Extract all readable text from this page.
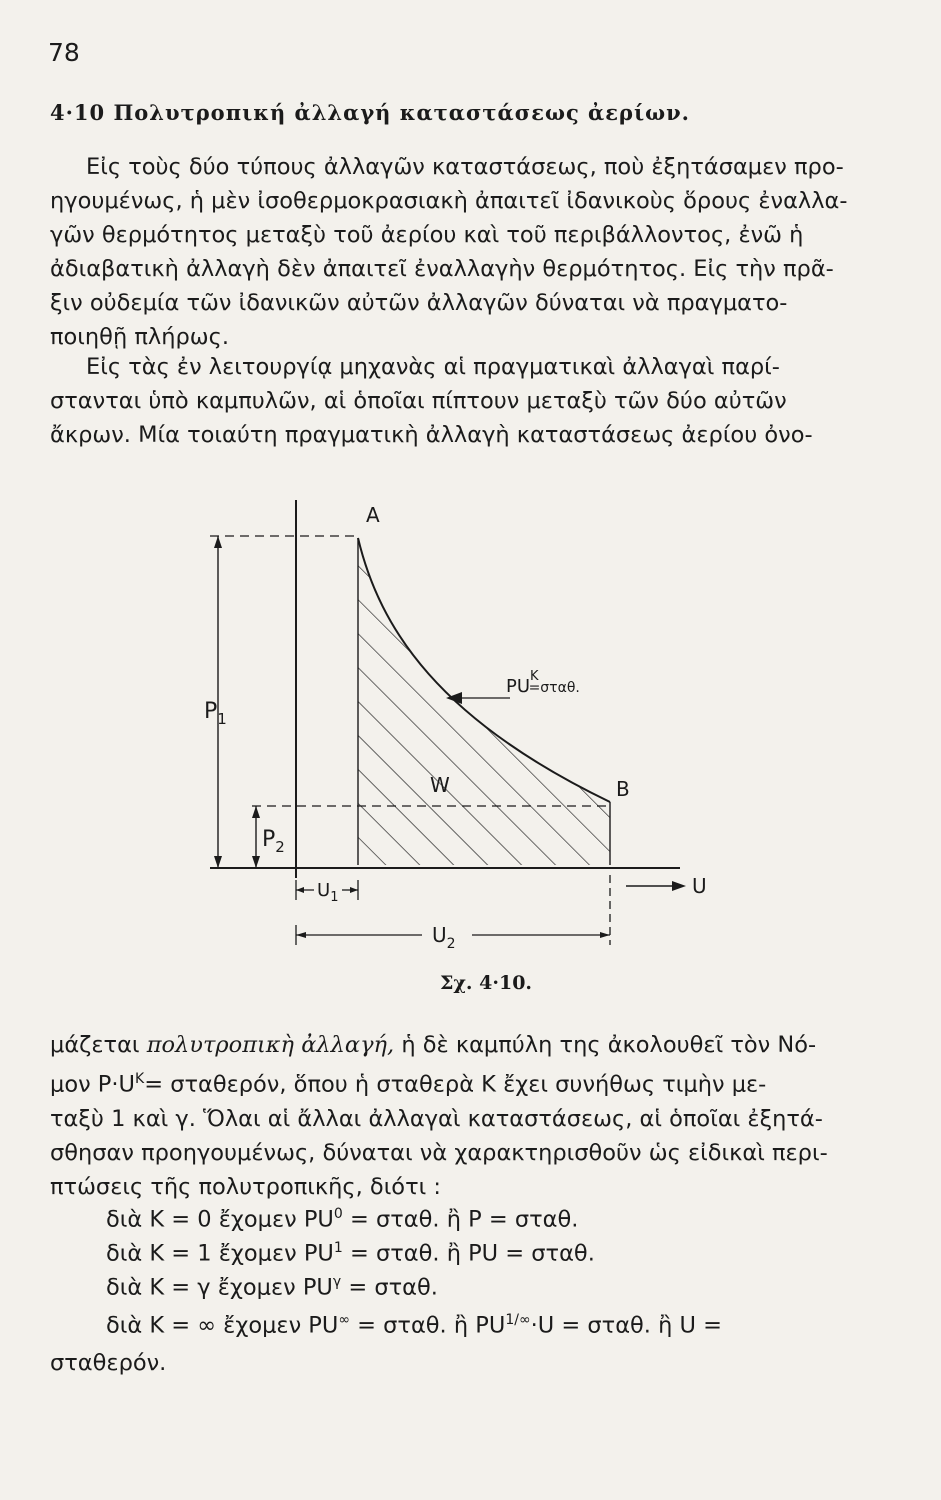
78
4·10 Πολυτροπική ἀλλαγή καταστάσεως ἀερίων.
Εἰς τοὺς δύο τύπους ἀλλαγῶν καταστάσεως, ποὺ ἐξητάσαμεν προ-
ηγουμένως, ἡ μὲν ἰσοθερμοκρασιακὴ ἀπαιτεῖ ἰδανικοὺς ὅρους ἐναλλα-
γῶν θερμότητος μεταξὺ τοῦ ἀερίου καὶ τοῦ περιβάλλοντος, ἐνῶ ἡ
ἀδιαβατικὴ ἀλλαγὴ δὲν ἀπαιτεῖ ἐναλλαγὴν θερμότητος. Εἰς τὴν πρᾶ-
ξιν οὐδεμία τῶν ἰδανικῶν αὐτῶν ἀλλαγῶν δύναται νὰ πραγματο-
ποιηθῇ πλήρως.
Εἰς τὰς ἐν λειτουργίᾳ μηχανὰς αἱ πραγματικαὶ ἀλλαγαὶ παρί-
στανται ὑπὸ καμπυλῶν, αἱ ὁποῖαι πίπτουν μεταξὺ τῶν δύο αὐτῶν
ἄκρων. Μία τοιαύτη πραγματικὴ ἀλλαγὴ καταστάσεως ἀερίου ὀνο-
A
B
W
$P_1$
$P_2$
$U_1$
$U_2$
U
$PU^K =\sigma\tau\alpha\theta$.
Σχ. 4·10.
μάζεται πολυτροπικὴ ἀλλαγή, ἡ δὲ καμπύλη της ἀκολουθεῖ τὸν Νό-
μον $P\cdot U^K= \sigma\tau\alpha\theta\varepsilon\rho ό\nu$, ὅπου ἡ σταθερὰ K ἔχει συνήθως τιμὴν με-
ταξὺ 1 καὶ γ. Ὅλαι αἱ ἄλλαι ἀλλαγαὶ καταστάσεως, αἱ ὁποῖαι ἐξητά-
σθησαν προηγουμένως, δύναται νὰ χαρακτηρισθοῦν ὡς εἰδικαὶ περι-
πτώσεις τῆς πολυτροπικῆς, διότι :
διὰ K = 0 ἔχομεν $PU^0 = \sigma\tau\alpha\theta$. ἢ P = σταθ.
διὰ K = 1 ἔχομεν $PU^1 = \sigma\tau\alpha\theta$. ἢ PU = σταθ.
διὰ K = γ ἔχομεν $PU^\gamma = \sigma\tau\alpha\theta$.
διὰ K = ∞ ἔχομεν PU∞ = σταθ. ἢ $PU^{1/\infty}\cdot U = \sigma\tau\alpha\theta$. ἢ U =
σταθερόν.
